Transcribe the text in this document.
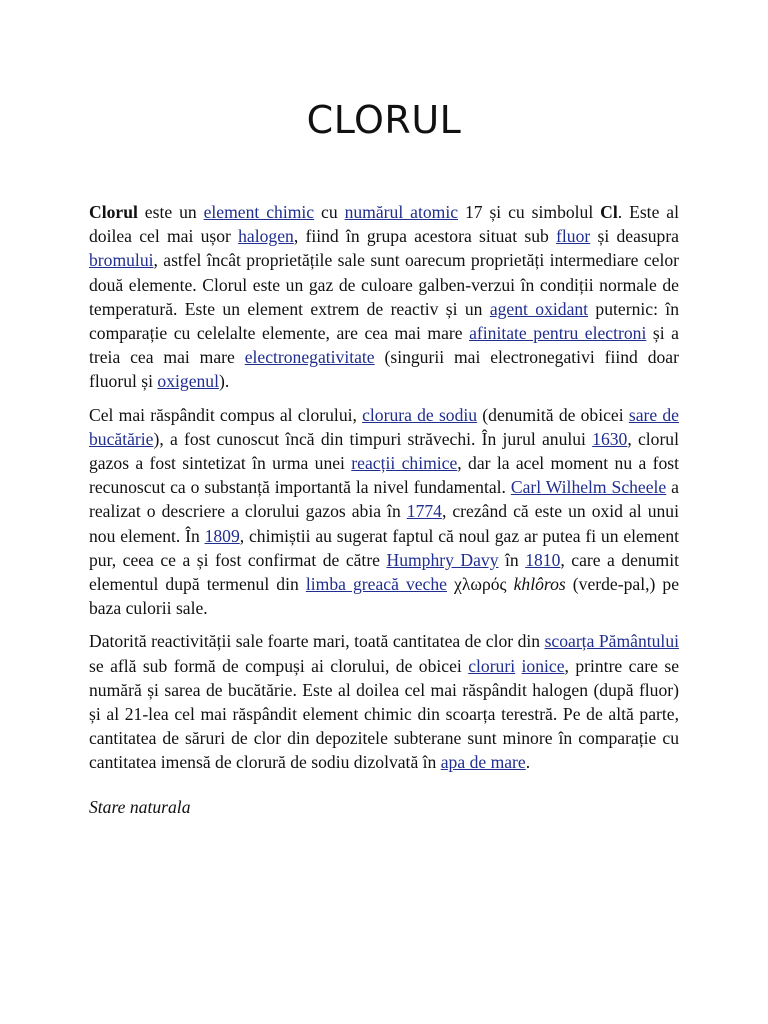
CLORUL

Clorul este un element chimic cu numărul atomic 17 și cu simbolul Cl. Este al doilea cel mai ușor halogen, fiind în grupa acestora situat sub fluor și deasupra bromului, astfel încât proprietățile sale sunt oarecum proprietăți intermediare celor două elemente. Clorul este un gaz de culoare galben-verzui în condiții normale de temperatură. Este un element extrem de reactiv și un agent oxidant puternic: în comparație cu celelalte elemente, are cea mai mare afinitate pentru electroni și a treia cea mai mare electronegativitate (singurii mai electronegativi fiind doar fluorul și oxigenul).

Cel mai răspândit compus al clorului, clorura de sodiu (denumită de obicei sare de bucătărie), a fost cunoscut încă din timpuri străvechi. În jurul anului 1630, clorul gazos a fost sintetizat în urma unei reacții chimice, dar la acel moment nu a fost recunoscut ca o substanță importantă la nivel fundamental. Carl Wilhelm Scheele a realizat o descriere a clorului gazos abia în 1774, crezând că este un oxid al unui nou element. În 1809, chimiștii au sugerat faptul că noul gaz ar putea fi un element pur, ceea ce a și fost confirmat de către Humphry Davy în 1810, care a denumit elementul după termenul din limba greacă veche χλωρός khlôros (verde-pal,) pe baza culorii sale.

Datorită reactivității sale foarte mari, toată cantitatea de clor din scoarța Pământului se află sub formă de compuși ai clorului, de obicei cloruri ionice, printre care se numără și sarea de bucătărie. Este al doilea cel mai răspândit halogen (după fluor) și al 21-lea cel mai răspândit element chimic din scoarța terestră. Pe de altă parte, cantitatea de săruri de clor din depozitele subterane sunt minore în comparație cu cantitatea imensă de clorură de sodiu dizolvată în apa de mare.

Stare naturala
